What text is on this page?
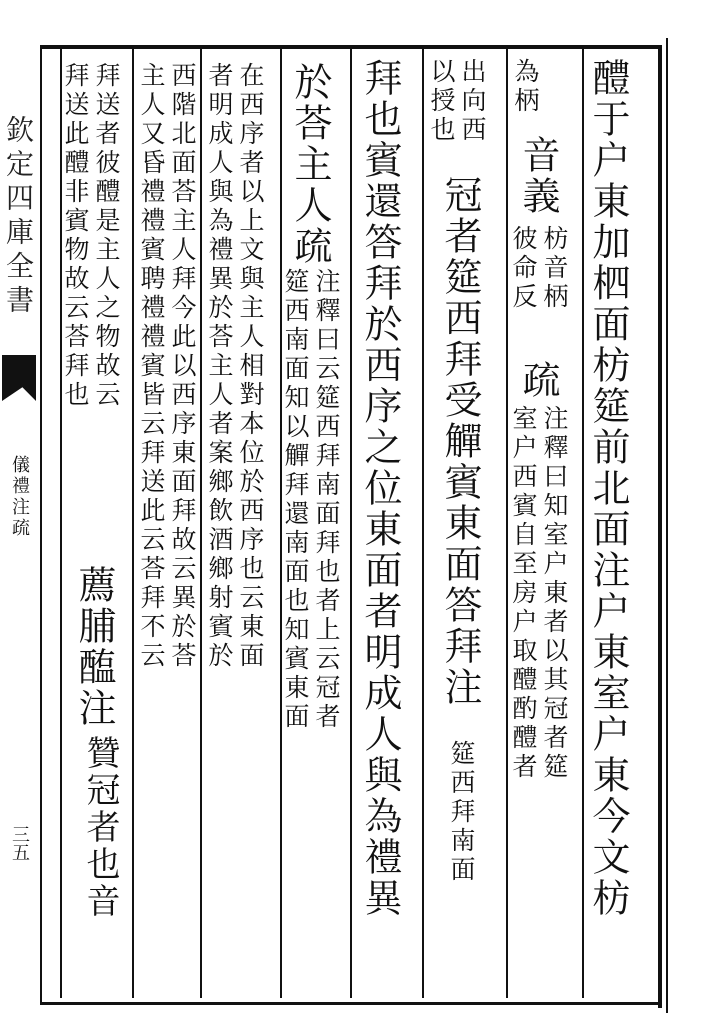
欽定四庫全書
儀禮注疏
三五	醴于户東加柶面枋筵前北面注户東室户東今文枋
為柄
音義
枋音柄
彼命反
疏
注釋曰知室户東者以其冠者筵
室户西賓自至房户取醴酌醴者
出向西
以授也
冠者筵西拜受觶賓東面答拜注
筵西拜南面
拜也賓還答拜於西序之位東面者明成人與為禮異
於荅主人疏
注釋曰云筵西拜南面拜也者上云冠者
筵西南面知以觶拜還南面也知賓東面
在西序者以上文與主人相對本位於西序也云東面
者明成人與為禮異於荅主人者案鄉飲酒鄉射賓於
西階北面荅主人拜今此以西序東面拜故云異於荅
主人又昏禮禮賓聘禮禮賓皆云拜送此云荅拜不云
拜送者彼醴是主人之物故云
拜送此醴非賓物故云荅拜也
薦脯醢注
贊冠者也音
